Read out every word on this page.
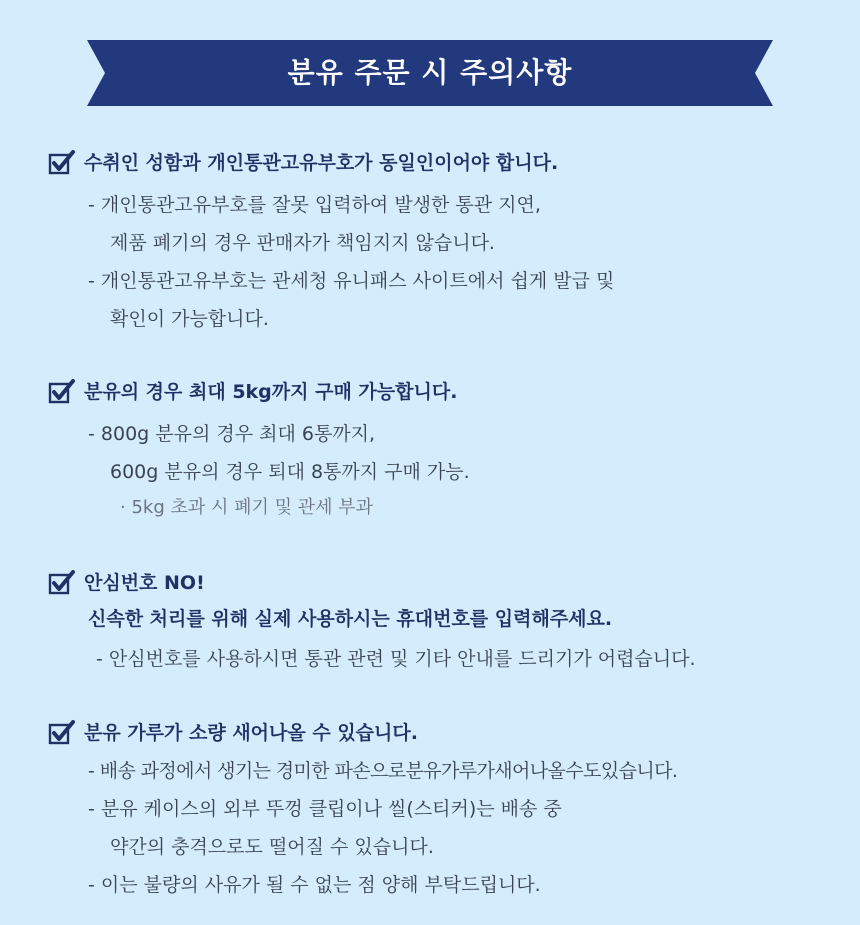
분유 주문 시 주의사항
수취인 성함과 개인통관고유부호가 동일인이어야 합니다.
- 개인통관고유부호를 잘못 입력하여 발생한 통관 지연,
제품 폐기의 경우 판매자가 책임지지 않습니다.
- 개인통관고유부호는 관세청 유니패스 사이트에서 쉽게 발급 및
확인이 가능합니다.
분유의 경우 최대 5kg까지 구매 가능합니다.
- 800g 분유의 경우 최대 6통까지,
600g 분유의 경우 퇴대 8통까지 구매 가능.
· 5kg 초과 시 폐기 및 관세 부과
안심번호 NO!
신속한 처리를 위해 실제 사용하시는 휴대번호를 입력해주세요.
- 안심번호를 사용하시면 통관 관련 및 기타 안내를 드리기가 어렵습니다.
분유 가루가 소량 새어나올 수 있습니다.
- 배송 과정에서 생기는 경미한 파손으로분유가루가새어나올수도있습니다.
- 분유 케이스의 외부 뚜껑 클립이나 씰(스티커)는 배송 중
약간의 충격으로도 떨어질 수 있습니다.
- 이는 불량의 사유가 될 수 없는 점 양해 부탁드립니다.
